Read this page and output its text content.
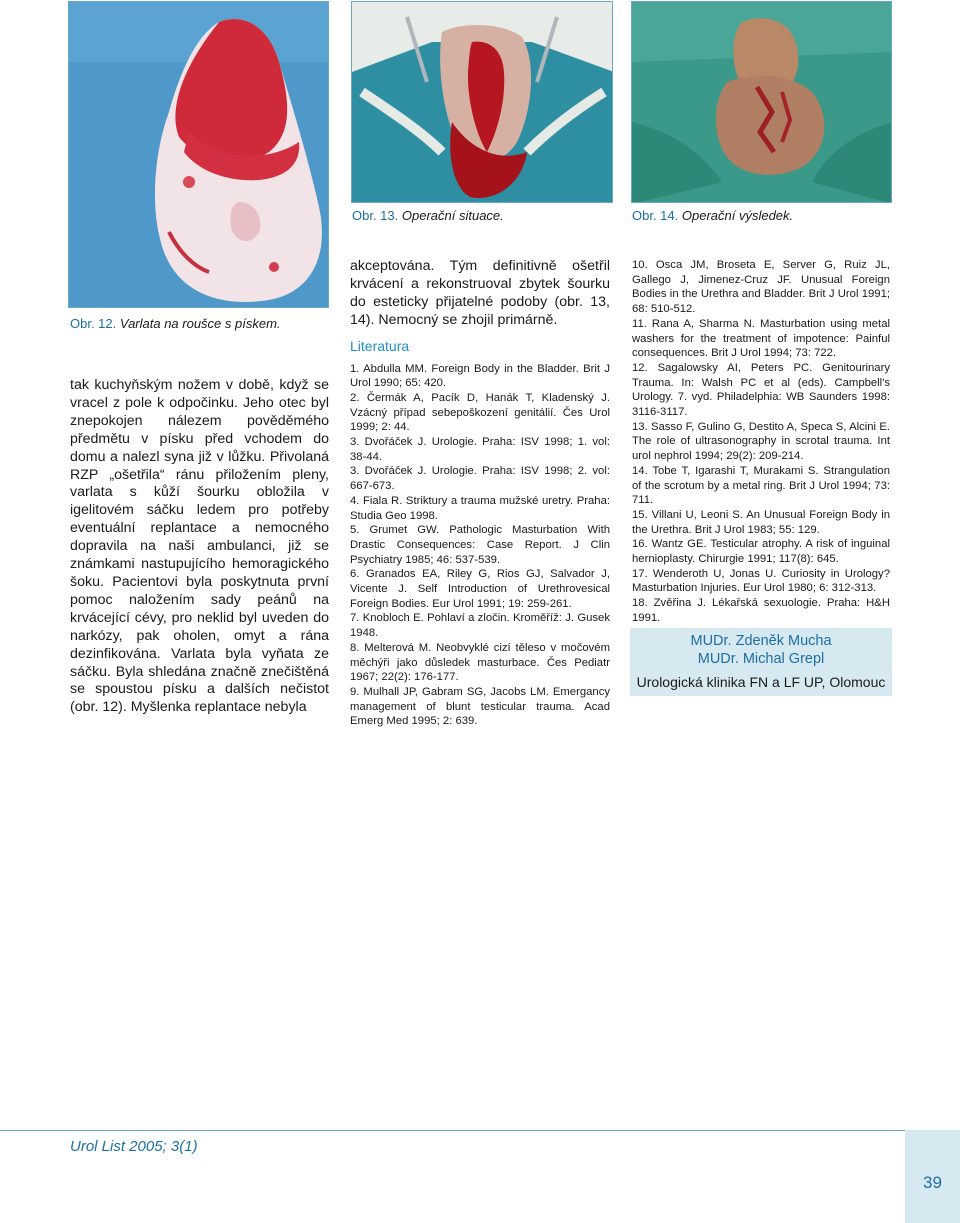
Obr. 12. Varlata na roušce s pískem.
Obr. 13. Operační situace.	Obr. 14. Operační výsledek.

tak kuchyňským nožem v době, když se vracel z pole k odpočinku. Jeho otec byl znepokojen nálezem pověděmého předmětu v písku před vchodem do domu a nalezl syna již v lůžku. Přivolaná RZP „ošetřila“ ránu přiložením pleny, varlata s kůží šourku obložila v igelitovém sáčku ledem pro potřeby eventuální replantace a nemocného dopravila na naši ambulanci, již se známkami nastupujícího hemoragického šoku. Pacientovi byla poskytnuta první pomoc naložením sady peánů na krvácející cévy, pro neklid byl uveden do narkózy, pak oholen, omyt a rána dezinfikována. Varlata byla vyňata ze sáčku. Byla shledána značně znečištěná se spoustou písku a dalších nečistot (obr. 12). Myšlenka replantace nebyla

akceptována. Tým definitivně ošetřil krvácení a rekonstruoval zbytek šourku do esteticky přijatelné podoby (obr. 13, 14). Nemocný se zhojil primárně.

Literatura
1. Abdulla MM. Foreign Body in the Bladder. Brit J Urol 1990; 65: 420.
2. Čermák A, Pacík D, Hanák T, Kladenský J. Vzácný případ sebepoškození genitálií. Čes Urol 1999; 2: 44.
3. Dvořáček J. Urologie. Praha: ISV 1998; 1. vol: 38-44.
3. Dvořáček J. Urologie. Praha: ISV 1998; 2. vol: 667-673.
4. Fiala R. Striktury a trauma mužské uretry. Praha: Studia Geo 1998.
5. Grumet GW. Pathologic Masturbation With Drastic Consequences: Case Report. J Clin Psychiatry 1985; 46: 537-539.
6. Granados EA, Riley G, Rios GJ, Salvador J, Vicente J. Self Introduction of Urethrovesical Foreign Bodies. Eur Urol 1991; 19: 259-261.
7. Knobloch E. Pohlaví a zločin. Kroměříž: J. Gusek 1948.
8. Melterová M. Neobvyklé cizí těleso v močovém měchýři jako důsledek masturbace. Čes Pediatr 1967; 22(2): 176-177.
9. Mulhall JP, Gabram SG, Jacobs LM. Emergancy management of blunt testicular trauma. Acad Emerg Med 1995; 2: 639.
10. Osca JM, Broseta E, Server G, Ruiz JL, Gallego J, Jimenez-Cruz JF. Unusual Foreign Bodies in the Urethra and Bladder. Brit J Urol 1991; 68: 510-512.
11. Rana A, Sharma N. Masturbation using metal washers for the treatment of impotence: Painful consequences. Brit J Urol 1994; 73: 722.
12. Sagalowsky AI, Peters PC. Genitourinary Trauma. In: Walsh PC et al (eds). Campbell's Urology. 7. vyd. Philadelphia: WB Saunders 1998: 3116-3117.
13. Sasso F, Gulino G, Destito A, Speca S, Alcini E. The role of ultrasonography in scrotal trauma. Int urol nephrol 1994; 29(2): 209-214.
14. Tobe T, Igarashi T, Murakami S. Strangulation of the scrotum by a metal ring. Brit J Urol 1994; 73: 711.
15. Villani U, Leoni S. An Unusual Foreign Body in the Urethra. Brit J Urol 1983; 55: 129.
16. Wantz GE. Testicular atrophy. A risk of inguinal hernioplasty. Chirurgie 1991; 117(8): 645.
17. Wenderoth U, Jonas U. Curiosity in Urology? Masturbation Injuries. Eur Urol 1980; 6: 312-313.
18. Zvěřina J. Lékařská sexuologie. Praha: H&H 1991.
MUDr. Zdeněk Mucha
MUDr. Michal Grepl
Urologická klinika FN a LF UP, Olomouc
Urol List 2005; 3(1)
39
